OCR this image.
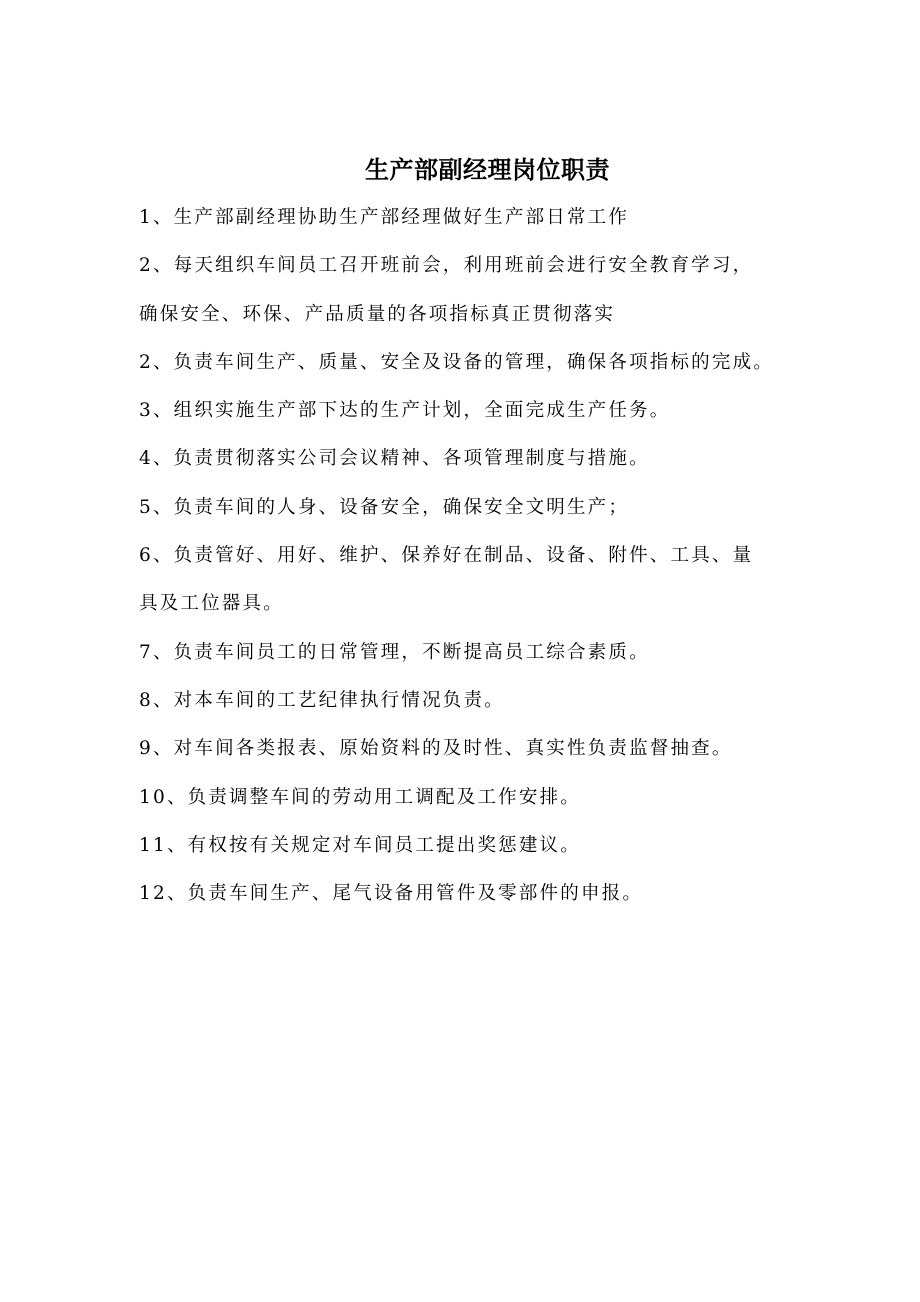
生产部副经理岗位职责
1、生产部副经理协助生产部经理做好生产部日常工作
2、每天组织车间员工召开班前会，利用班前会进行安全教育学习，
确保安全、环保、产品质量的各项指标真正贯彻落实
2、负责车间生产、质量、安全及设备的管理，确保各项指标的完成。
3、组织实施生产部下达的生产计划，全面完成生产任务。
4、负责贯彻落实公司会议精神、各项管理制度与措施。
5、负责车间的人身、设备安全，确保安全文明生产；
6、负责管好、用好、维护、保养好在制品、设备、附件、工具、量
具及工位器具。
7、负责车间员工的日常管理，不断提高员工综合素质。
8、对本车间的工艺纪律执行情况负责。
9、对车间各类报表、原始资料的及时性、真实性负责监督抽查。
10、负责调整车间的劳动用工调配及工作安排。
11、有权按有关规定对车间员工提出奖惩建议。
12、负责车间生产、尾气设备用管件及零部件的申报。
